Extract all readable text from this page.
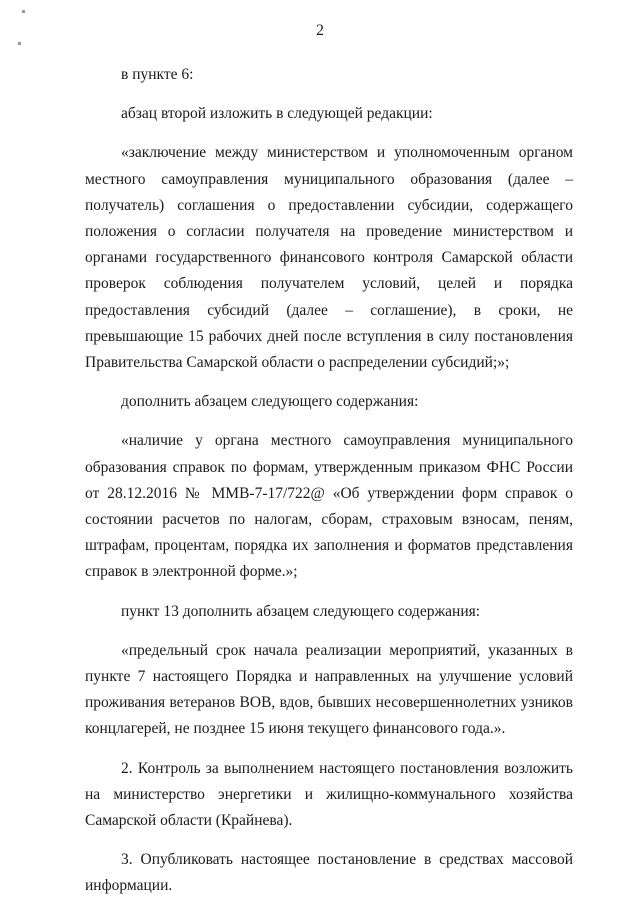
2

в пункте 6:

абзац второй изложить в следующей редакции:

«заключение между министерством и уполномоченным органом местного самоуправления муниципального образования (далее – получатель) соглашения о предоставлении субсидии, содержащего положения о согласии получателя на проведение министерством и органами государственного финансового контроля Самарской области проверок соблюдения получателем условий, целей и порядка предоставления субсидий (далее – соглашение), в сроки, не превышающие 15 рабочих дней после вступления в силу постановления Правительства Самарской области о распределении субсидий;»;

дополнить абзацем следующего содержания:

«наличие у органа местного самоуправления муниципального образования справок по формам, утвержденным приказом ФНС России от 28.12.2016 № ММВ-7-17/722@ «Об утверждении форм справок о состоянии расчетов по налогам, сборам, страховым взносам, пеням, штрафам, процентам, порядка их заполнения и форматов представления справок в электронной форме.»;

пункт 13 дополнить абзацем следующего содержания:

«предельный срок начала реализации мероприятий, указанных в пункте 7 настоящего Порядка и направленных на улучшение условий проживания ветеранов ВОВ, вдов, бывших несовершеннолетних узников концлагерей, не позднее 15 июня текущего финансового года.».

2. Контроль за выполнением настоящего постановления возложить на министерство энергетики и жилищно-коммунального хозяйства Самарской области (Крайнева).

3. Опубликовать настоящее постановление в средствах массовой информации.
